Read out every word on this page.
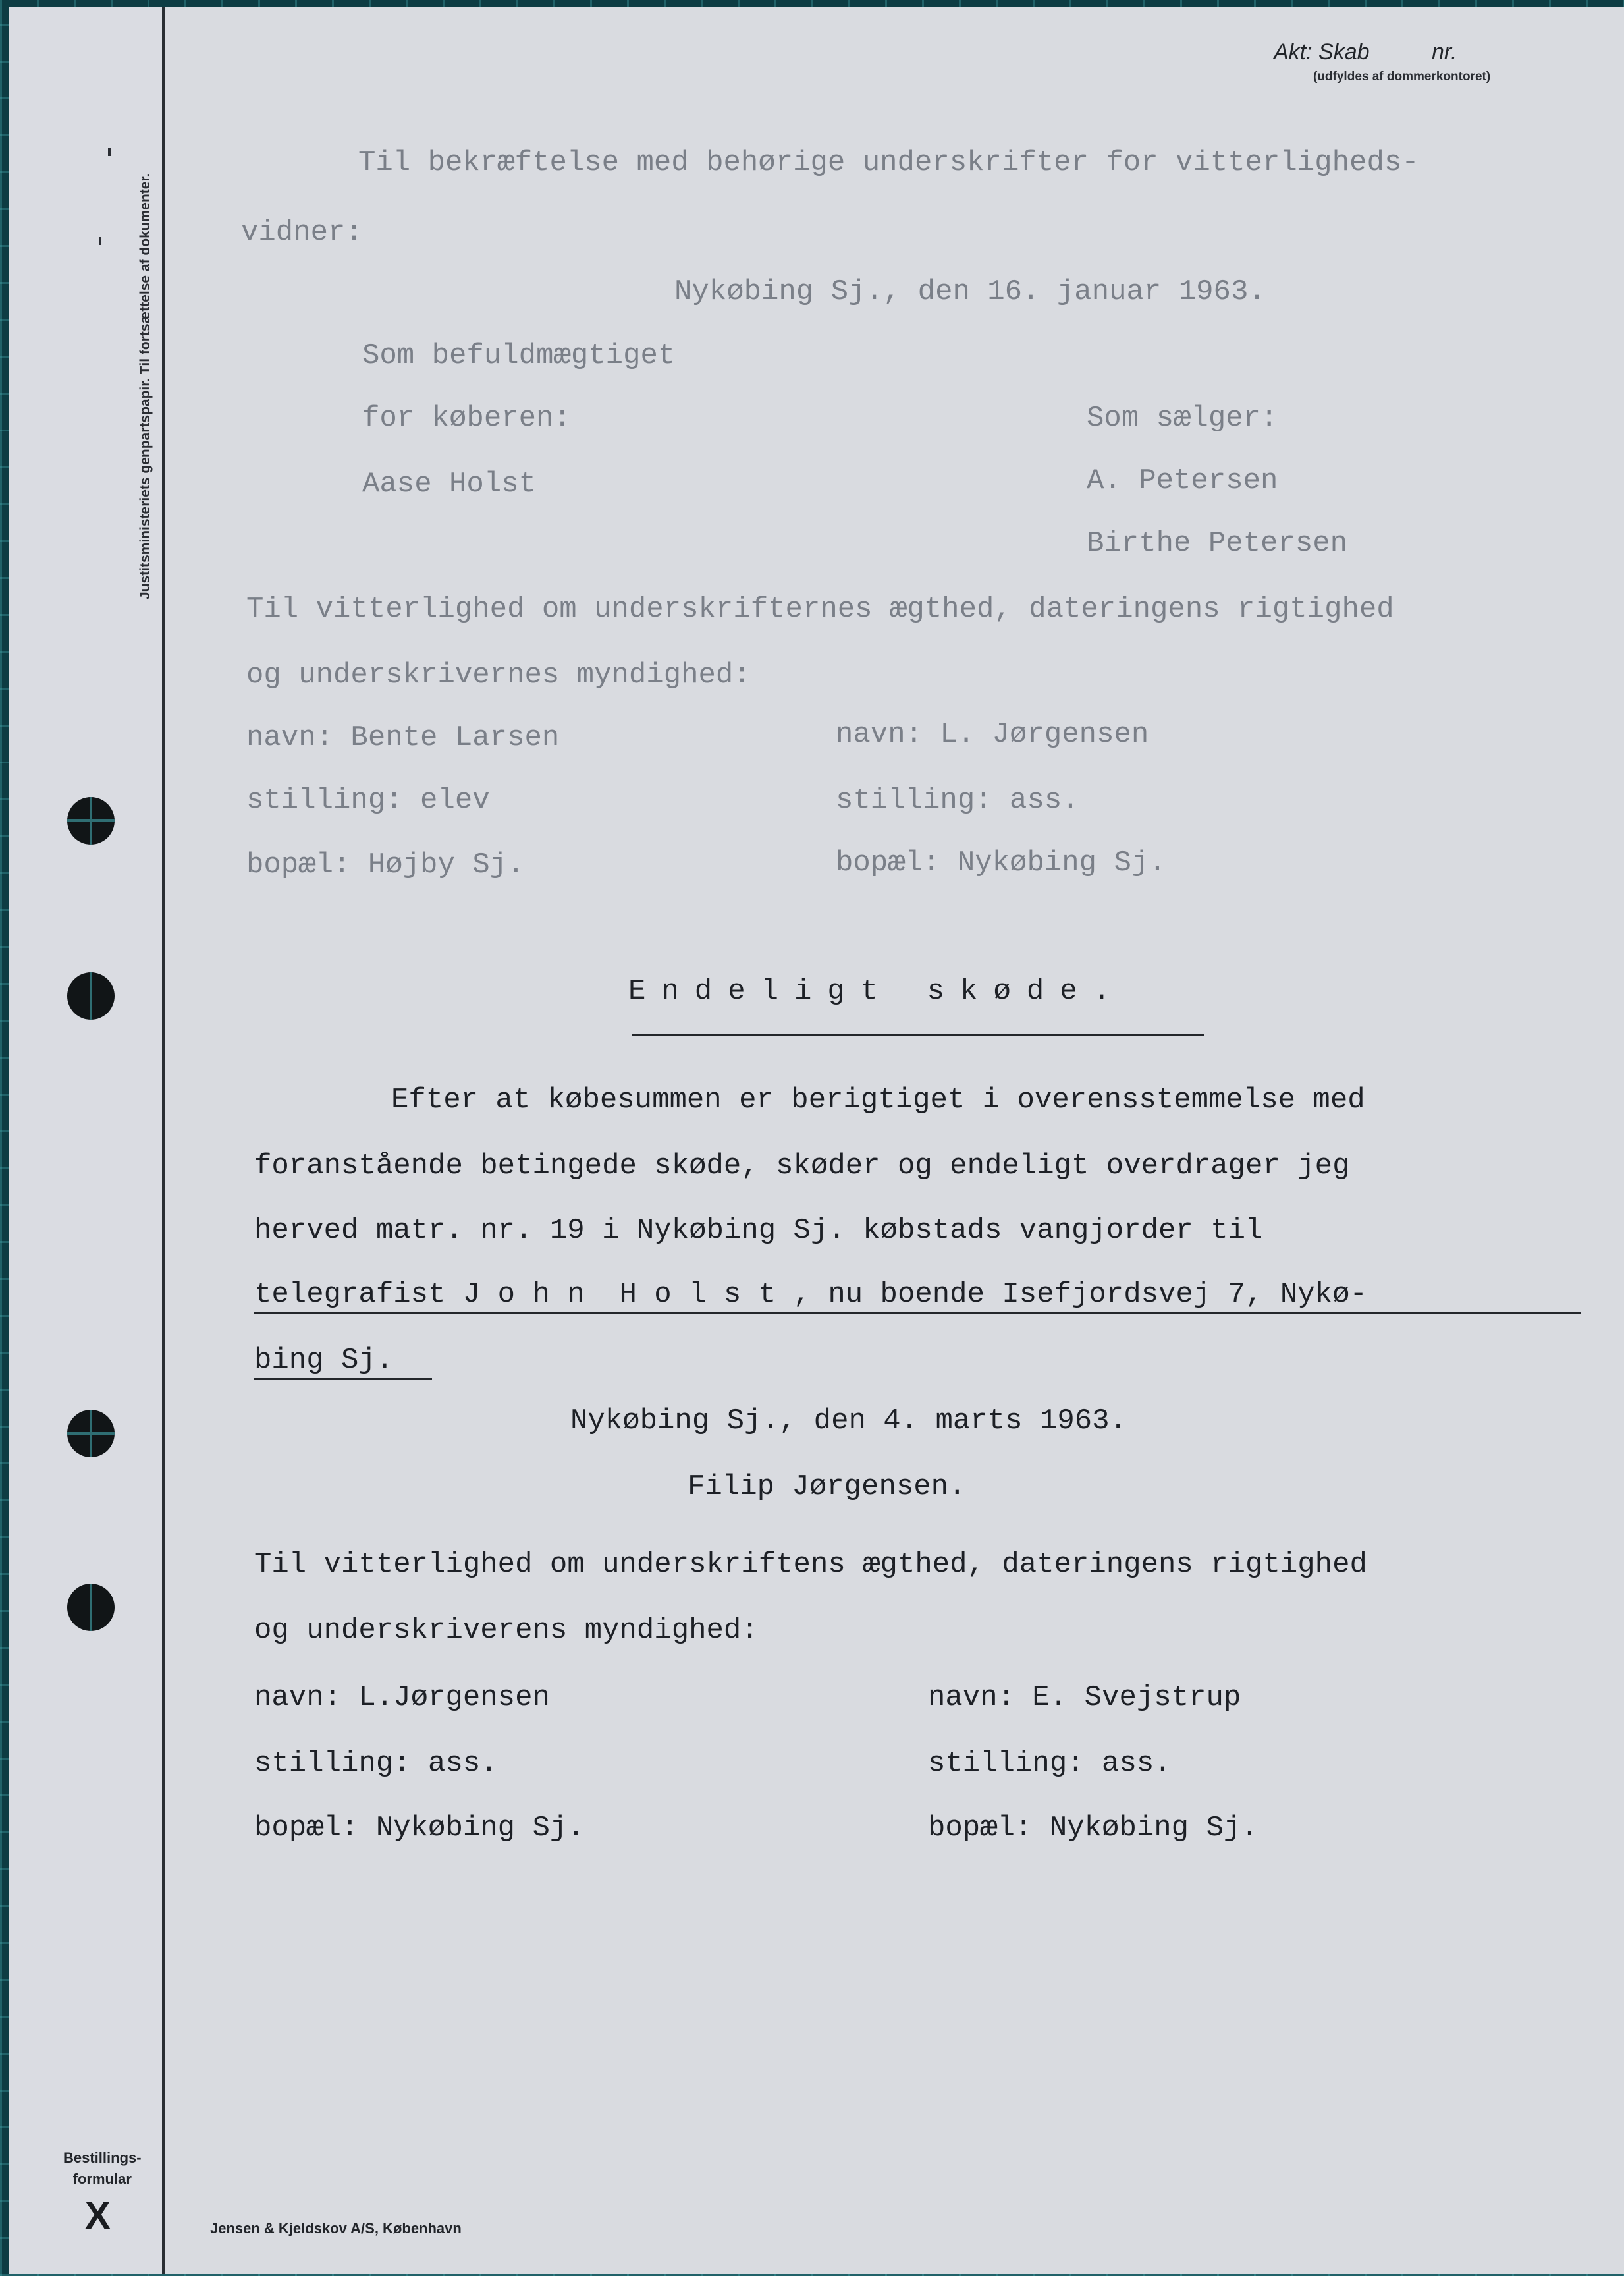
Justitsministeriets genpartspapir. Til fortsættelse af dokumenter.
Bestillings-
formular
X	Jensen & Kjeldskov A/S, København
Akt: Skab	nr.
(udfyldes af dommerkontoret)
Til bekræftelse med behørige underskrifter for vitterligheds-
vidner:
Nykøbing Sj., den 16. januar 1963.
Som befuldmægtiget
for køberen:	Som sælger:
Aase Holst	A. Petersen
Birthe Petersen
Til vitterlighed om underskrifternes ægthed, dateringens rigtighed
og underskrivernes myndighed:
navn: Bente Larsen	navn: L. Jørgensen
stilling: elev	stilling: ass.
bopæl: Højby Sj.	bopæl: Nykøbing Sj.
Endeligt skøde.
Efter at købesummen er berigtiget i overensstemmelse med
foranstående betingede skøde, skøder og endeligt overdrager jeg
herved matr. nr. 19 i Nykøbing Sj. købstads vangjorder til
telegrafist J o h n  H o l s t , nu boende Isefjordsvej 7, Nykø-
bing Sj.
Nykøbing Sj., den 4. marts 1963.
Filip Jørgensen.
Til vitterlighed om underskriftens ægthed, dateringens rigtighed
og underskriverens myndighed:
navn: L.Jørgensen	navn: E. Svejstrup
stilling: ass.	stilling: ass.
bopæl: Nykøbing Sj.	bopæl: Nykøbing Sj.
